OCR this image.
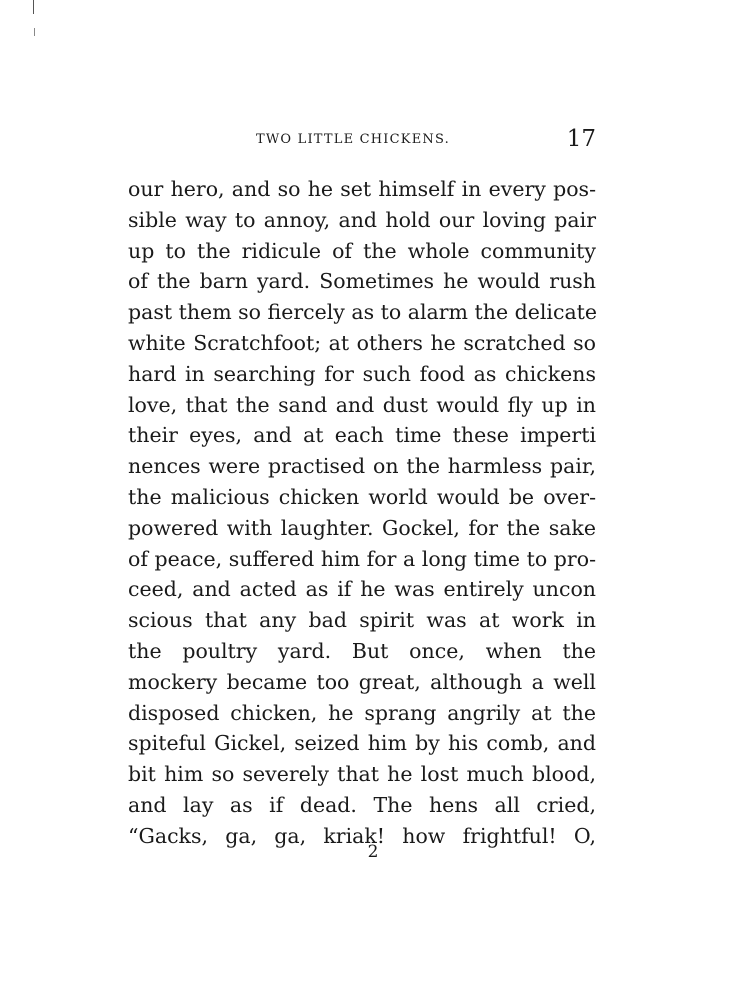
TWO LITTLE CHICKENS.	17
our hero, and so he set himself in every pos-
sible way to annoy, and hold our loving pair
up to the ridicule of the whole community
of the barn yard. Sometimes he would rush
past them so fiercely as to alarm the delicate
white Scratchfoot; at others he scratched so
hard in searching for such food as chickens
love, that the sand and dust would fly up in
their eyes, and at each time these imperti
nences were practised on the harmless pair,
the malicious chicken world would be over-
powered with laughter. Gockel, for the sake
of peace, suffered him for a long time to pro-
ceed, and acted as if he was entirely uncon
scious that any bad spirit was at work in
the poultry yard. But once, when the
mockery became too great, although a well
disposed chicken, he sprang angrily at the
spiteful Gickel, seized him by his comb, and
bit him so severely that he lost much blood,
and lay as if dead. The hens all cried,
“Gacks, ga, ga, kriak! how frightful! O,
2
